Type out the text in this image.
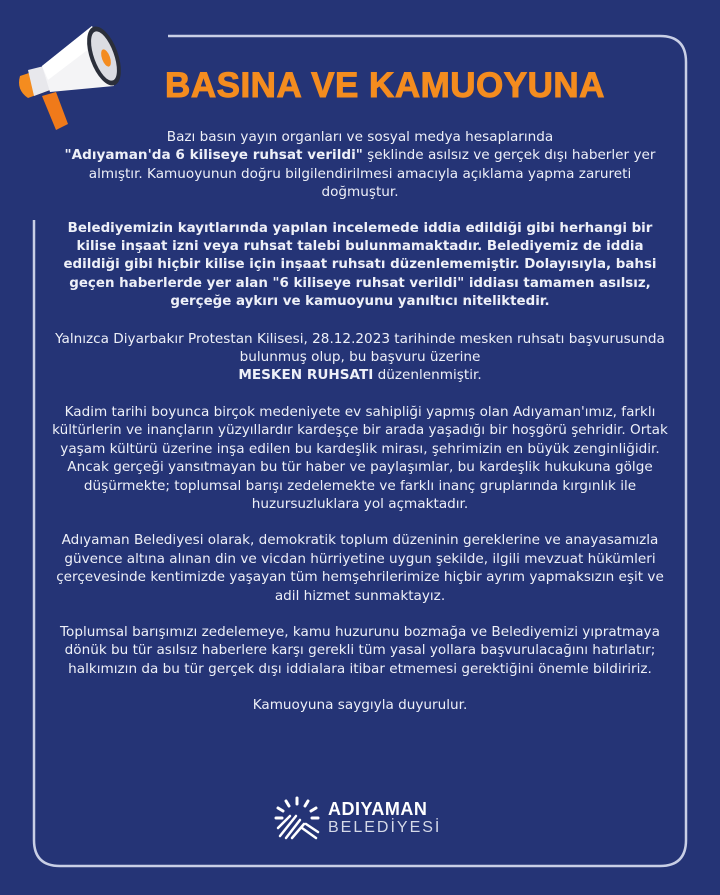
BASINA VE KAMUOYUNA

Bazı basın yayın organları ve sosyal medya hesaplarında
"Adıyaman'da 6 kiliseye ruhsat verildi" şeklinde asılsız ve gerçek dışı haberler yer almıştır. Kamuoyunun doğru bilgilendirilmesi amacıyla açıklama yapma zarureti doğmuştur.

Belediyemizin kayıtlarında yapılan incelemede iddia edildiği gibi herhangi bir kilise inşaat izni veya ruhsat talebi bulunmamaktadır. Belediyemiz de iddia edildiği gibi hiçbir kilise için inşaat ruhsatı düzenlememiştir. Dolayısıyla, bahsi geçen haberlerde yer alan "6 kiliseye ruhsat verildi" iddiası tamamen asılsız, gerçeğe aykırı ve kamuoyunu yanıltıcı niteliktedir.

Yalnızca Diyarbakır Protestan Kilisesi, 28.12.2023 tarihinde mesken ruhsatı başvurusunda bulunmuş olup, bu başvuru üzerine
MESKEN RUHSATI düzenlenmiştir.

Kadim tarihi boyunca birçok medeniyete ev sahipliği yapmış olan Adıyaman'ımız, farklı kültürlerin ve inançların yüzyıllardır kardeşçe bir arada yaşadığı bir hoşgörü şehridir. Ortak yaşam kültürü üzerine inşa edilen bu kardeşlik mirası, şehrimizin en büyük zenginliğidir. Ancak gerçeği yansıtmayan bu tür haber ve paylaşımlar, bu kardeşlik hukukuna gölge düşürmekte; toplumsal barışı zedelemekte ve farklı inanç gruplarında kırgınlık ile huzursuzluklara yol açmaktadır.

Adıyaman Belediyesi olarak, demokratik toplum düzeninin gereklerine ve anayasamızla güvence altına alınan din ve vicdan hürriyetine uygun şekilde, ilgili mevzuat hükümleri çerçevesinde kentimizde yaşayan tüm hemşehrilerimize hiçbir ayrım yapmaksızın eşit ve adil hizmet sunmaktayız.

Toplumsal barışımızı zedelemeye, kamu huzurunu bozmağa ve Belediyemizi yıpratmaya dönük bu tür asılsız haberlere karşı gerekli tüm yasal yollara başvurulacağını hatırlatır; halkımızın da bu tür gerçek dışı iddialara itibar etmemesi gerektiğini önemle bildiririz.

Kamuoyuna saygıyla duyurulur.

ADIYAMAN
BELEDİYESİ
